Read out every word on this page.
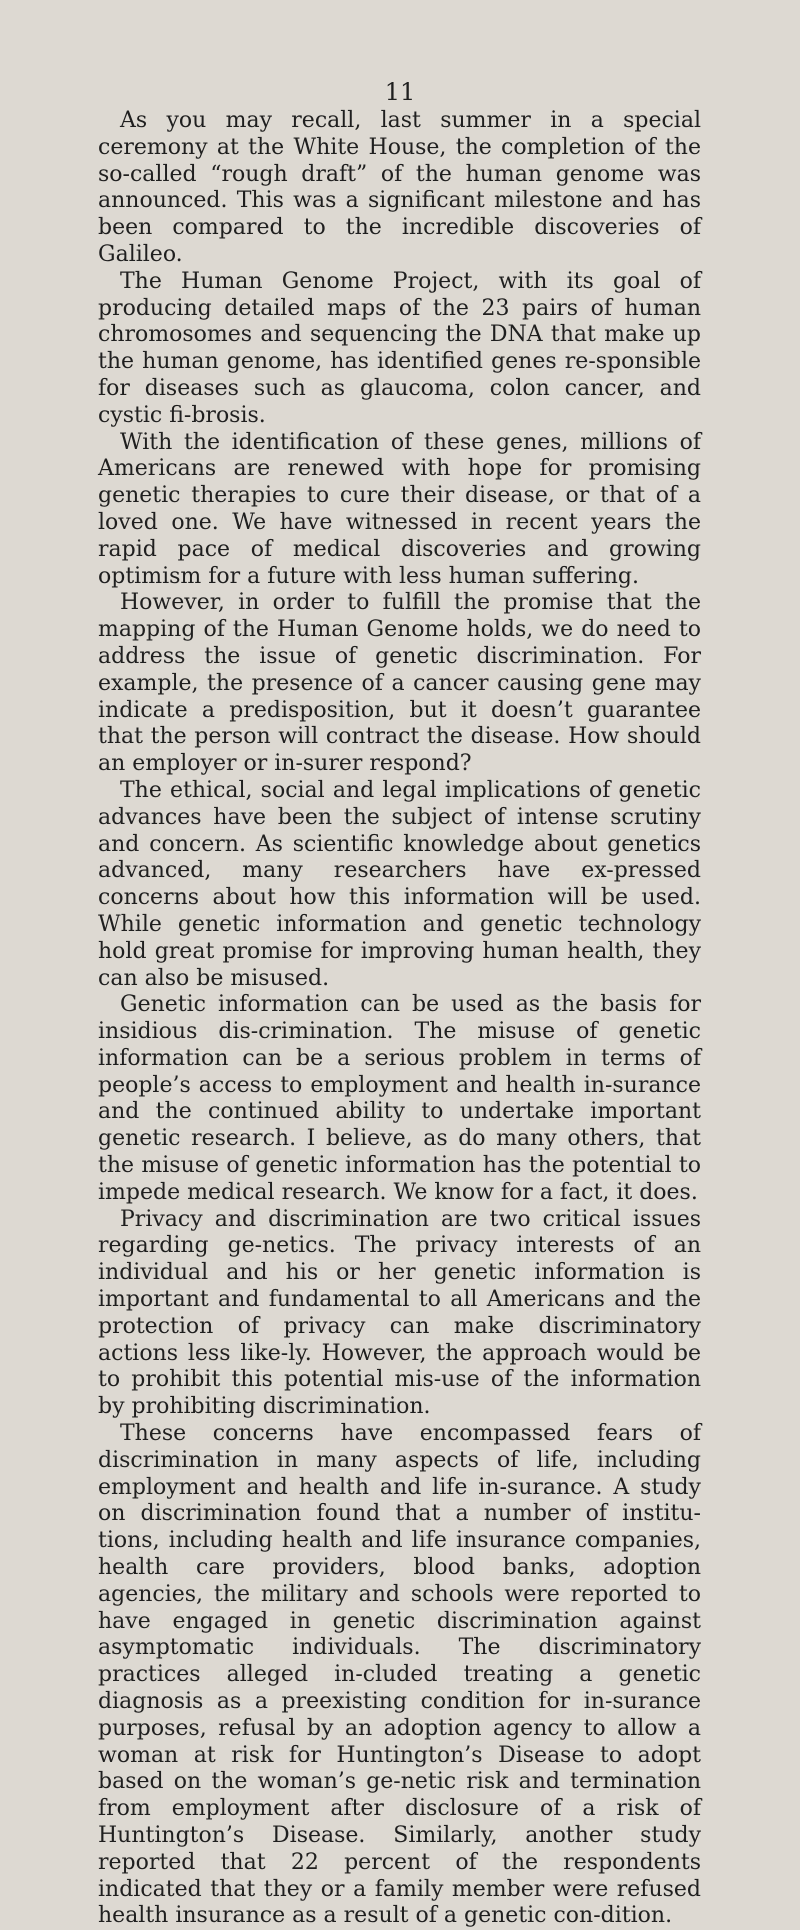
11

As you may recall, last summer in a special ceremony at the White House, the completion of the so-called “rough draft” of the human genome was announced. This was a significant milestone and has been compared to the incredible discoveries of Galileo.

The Human Genome Project, with its goal of producing detailed maps of the 23 pairs of human chromosomes and sequencing the DNA that make up the human genome, has identified genes re-sponsible for diseases such as glaucoma, colon cancer, and cystic fi-brosis.

With the identification of these genes, millions of Americans are renewed with hope for promising genetic therapies to cure their disease, or that of a loved one. We have witnessed in recent years the rapid pace of medical discoveries and growing optimism for a future with less human suffering.

However, in order to fulfill the promise that the mapping of the Human Genome holds, we do need to address the issue of genetic discrimination. For example, the presence of a cancer causing gene may indicate a predisposition, but it doesn’t guarantee that the person will contract the disease. How should an employer or in-surer respond?

The ethical, social and legal implications of genetic advances have been the subject of intense scrutiny and concern. As scientific knowledge about genetics advanced, many researchers have ex-pressed concerns about how this information will be used. While genetic information and genetic technology hold great promise for improving human health, they can also be misused.

Genetic information can be used as the basis for insidious dis-crimination. The misuse of genetic information can be a serious problem in terms of people’s access to employment and health in-surance and the continued ability to undertake important genetic research. I believe, as do many others, that the misuse of genetic information has the potential to impede medical research. We know for a fact, it does.

Privacy and discrimination are two critical issues regarding ge-netics. The privacy interests of an individual and his or her genetic information is important and fundamental to all Americans and the protection of privacy can make discriminatory actions less like-ly. However, the approach would be to prohibit this potential mis-use of the information by prohibiting discrimination.

These concerns have encompassed fears of discrimination in many aspects of life, including employment and health and life in-surance. A study on discrimination found that a number of institu-tions, including health and life insurance companies, health care providers, blood banks, adoption agencies, the military and schools were reported to have engaged in genetic discrimination against asymptomatic individuals. The discriminatory practices alleged in-cluded treating a genetic diagnosis as a preexisting condition for in-surance purposes, refusal by an adoption agency to allow a woman at risk for Huntington’s Disease to adopt based on the woman’s ge-netic risk and termination from employment after disclosure of a risk of Huntington’s Disease. Similarly, another study reported that 22 percent of the respondents indicated that they or a family member were refused health insurance as a result of a genetic con-dition.
